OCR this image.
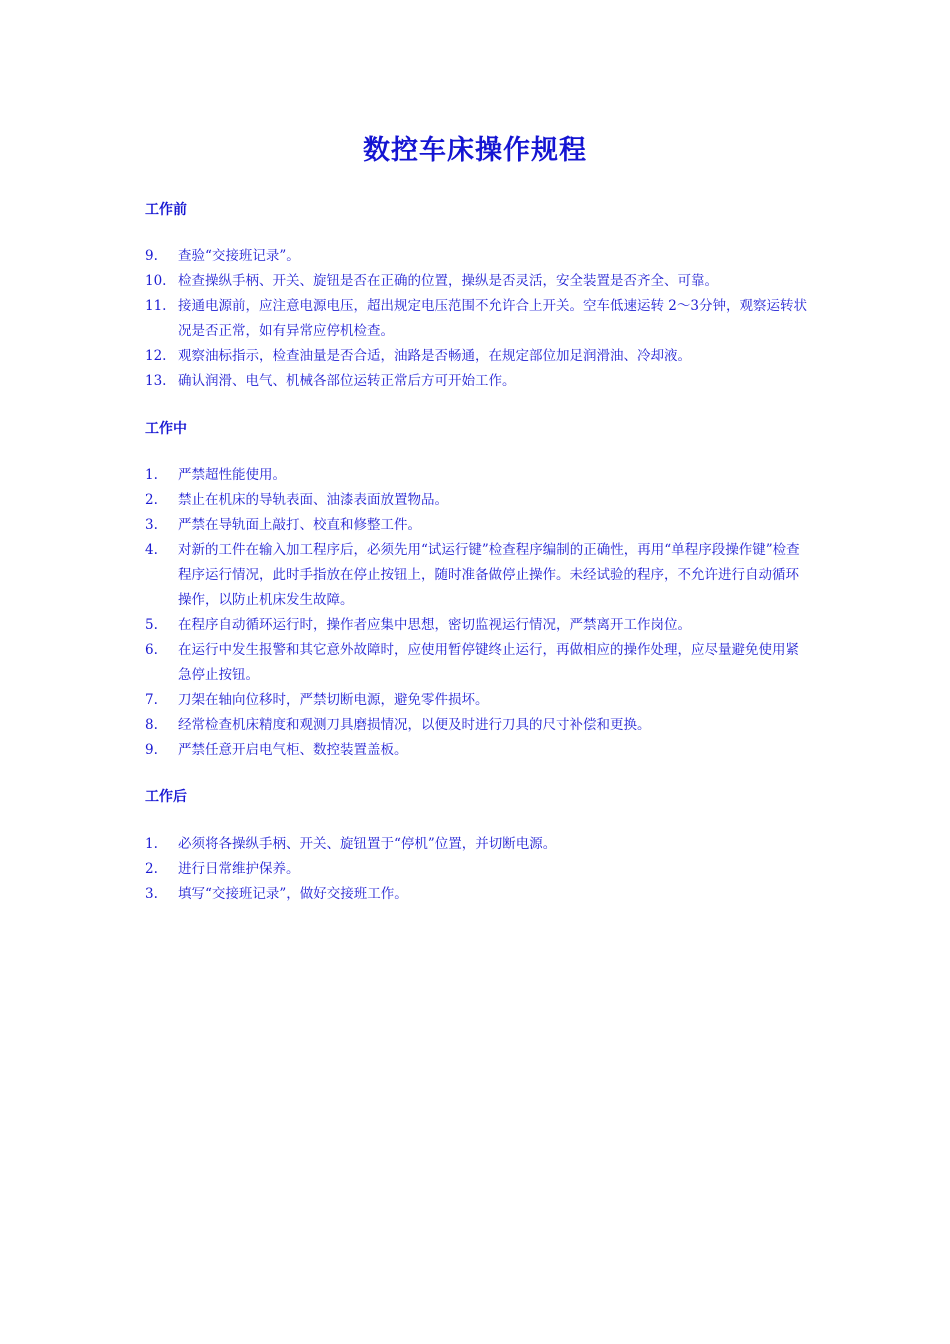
数控车床操作规程
工作前
9.	查验“交接班记录”。
10. 检查操纵手柄、开关、旋钮是否在正确的位置，操纵是否灵活，安全装置是否齐全、可靠。
11. 接通电源前，应注意电源电压，超出规定电压范围不允许合上开关。空车低速运转 2～3分钟，观察运转状况是否正常，如有异常应停机检查。
12. 观察油标指示，检查油量是否合适，油路是否畅通，在规定部位加足润滑油、冷却液。
13. 确认润滑、电气、机械各部位运转正常后方可开始工作。
工作中
1.	严禁超性能使用。
2.	禁止在机床的导轨表面、油漆表面放置物品。
3.	严禁在导轨面上敲打、校直和修整工件。
4.	对新的工件在输入加工程序后，必须先用“试运行键”检查程序编制的正确性，再用“单程序段操作键”检查程序运行情况，此时手指放在停止按钮上，随时准备做停止操作。未经试验的程序，不允许进行自动循环操作，以防止机床发生故障。
5.	在程序自动循环运行时，操作者应集中思想，密切监视运行情况，严禁离开工作岗位。
6.	在运行中发生报警和其它意外故障时，应使用暂停键终止运行，再做相应的操作处理，应尽量避免使用紧急停止按钮。
7.	刀架在轴向位移时，严禁切断电源，避免零件损坏。
8.	经常检查机床精度和观测刀具磨损情况，以便及时进行刀具的尺寸补偿和更换。
9.	严禁任意开启电气柜、数控装置盖板。
工作后
1.	必须将各操纵手柄、开关、旋钮置于“停机”位置，并切断电源。
2.	进行日常维护保养。
3.	填写“交接班记录”，做好交接班工作。
